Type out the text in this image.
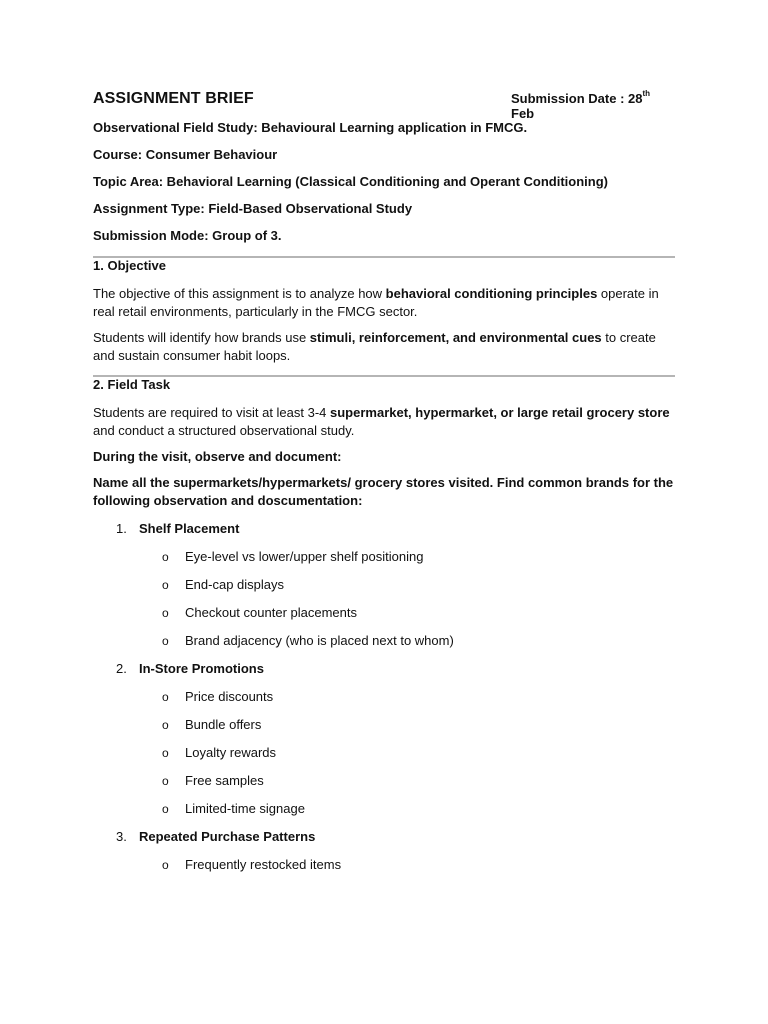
ASSIGNMENT BRIEF	Submission Date : 28th Feb

Observational Field Study: Behavioural Learning application in FMCG.

Course: Consumer Behaviour

Topic Area: Behavioral Learning (Classical Conditioning and Operant Conditioning)

Assignment Type: Field-Based Observational Study

Submission Mode: Group of 3.

1. Objective

The objective of this assignment is to analyze how behavioral conditioning principles operate in real retail environments, particularly in the FMCG sector.

Students will identify how brands use stimuli, reinforcement, and environmental cues to create and sustain consumer habit loops.

2. Field Task

Students are required to visit at least 3-4 supermarket, hypermarket, or large retail grocery store and conduct a structured observational study.

During the visit, observe and document:

Name all the supermarkets/hypermarkets/ grocery stores visited. Find common brands for the following observation and doscumentation:

1. Shelf Placement
o Eye-level vs lower/upper shelf positioning
o End-cap displays
o Checkout counter placements
o Brand adjacency (who is placed next to whom)
2. In-Store Promotions
o Price discounts
o Bundle offers
o Loyalty rewards
o Free samples
o Limited-time signage
3. Repeated Purchase Patterns
o Frequently restocked items
